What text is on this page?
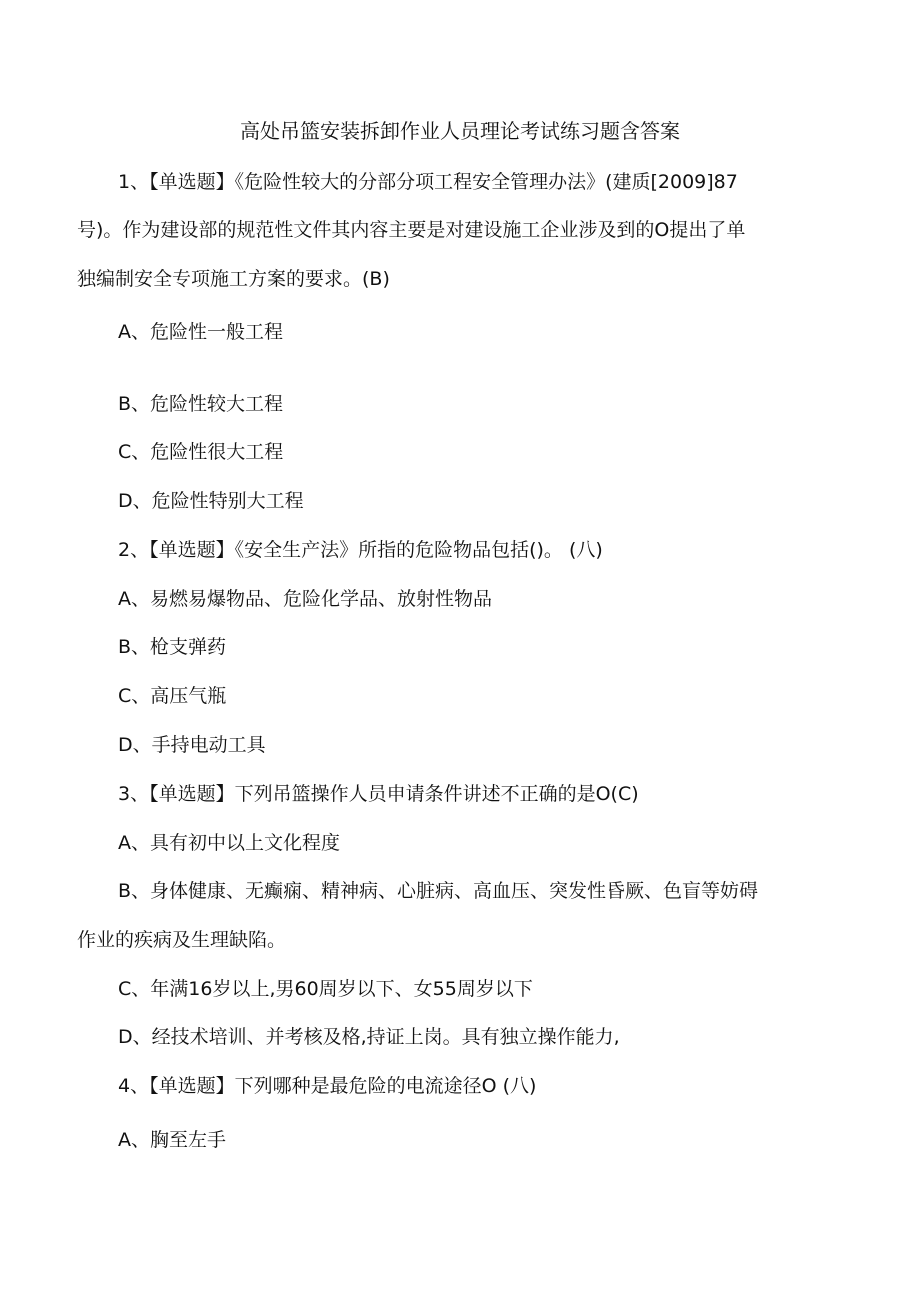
高处吊篮安装拆卸作业人员理论考试练习题含答案
1、【单选题】《危险性较大的分部分项工程安全管理办法》(建质[2009]87
号)。作为建设部的规范性文件其内容主要是对建设施工企业涉及到的O提出了单
独编制安全专项施工方案的要求。(B)
A、危险性一般工程
B、危险性较大工程
C、危险性很大工程
D、危险性特别大工程
2、【单选题】《安全生产法》所指的危险物品包括()。 (八)
A、易燃易爆物品、危险化学品、放射性物品
B、枪支弹药
C、高压气瓶
D、手持电动工具
3、【单选题】下列吊篮操作人员申请条件讲述不正确的是O(C)
A、具有初中以上文化程度
B、身体健康、无癫痫、精神病、心脏病、高血压、突发性昏厥、色盲等妨碍
作业的疾病及生理缺陷。
C、年满16岁以上,男60周岁以下、女55周岁以下
D、经技术培训、并考核及格,持证上岗。具有独立操作能力,
4、【单选题】下列哪种是最危险的电流途径O (八)
A、胸至左手
